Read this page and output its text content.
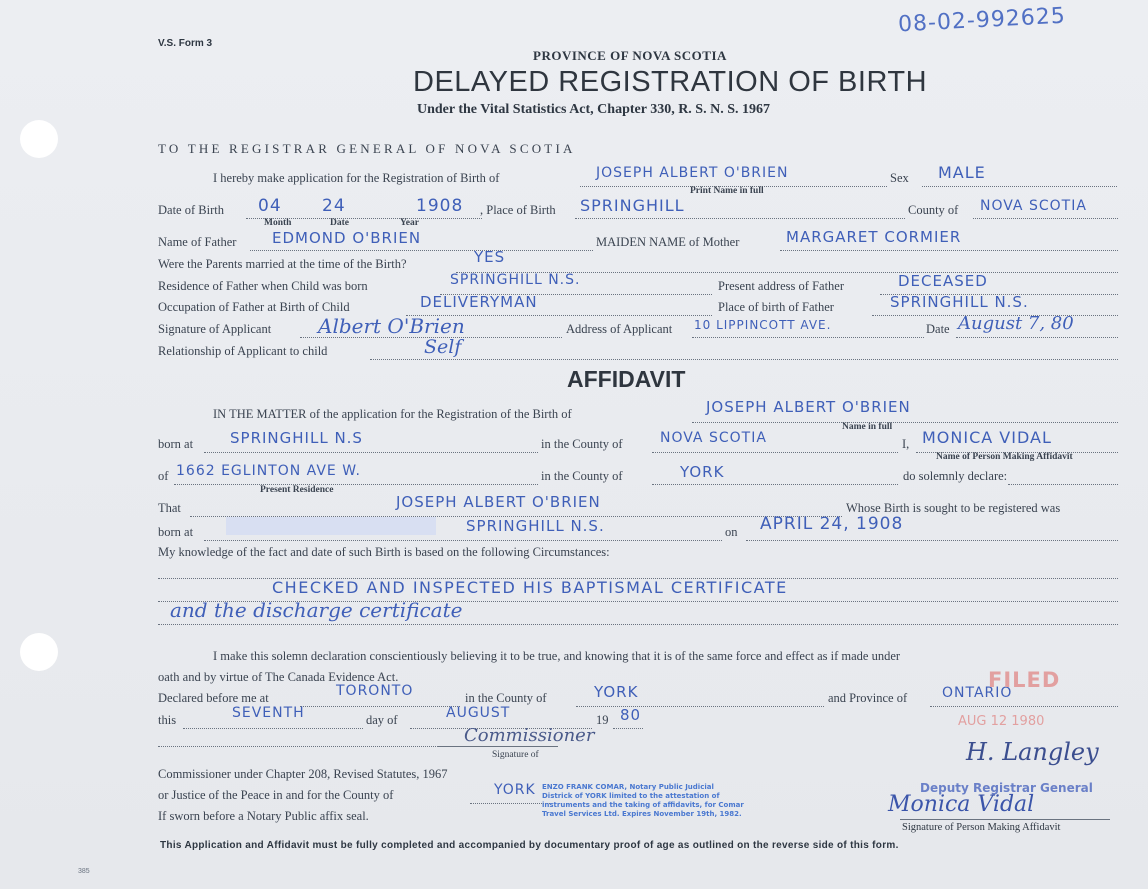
08-02-992625
V.S. Form 3
PROVINCE OF NOVA SCOTIA
DELAYED REGISTRATION OF BIRTH
Under the Vital Statistics Act, Chapter 330, R. S. N. S. 1967
TO THE REGISTRAR GENERAL OF NOVA SCOTIA
I hereby make application for the Registration of Birth of	JOSEPH ALBERT O'BRIEN
Print Name in full
Sex MALE
Date of Birth 04 24	1908
Month	Date	Year
, Place of Birth SPRINGHILL	County of NOVA SCOTIA
Name of Father EDMOND O'BRIEN	MAIDEN NAME of Mother	MARGARET CORMIER
Were the Parents married at the time of the Birth?	YES
Residence of Father when Child was born	SPRINGHILL N.S.	Present address of Father	DECEASED
Occupation of Father at Birth of Child	DELIVERYMAN	Place of birth of Father	SPRINGHILL N.S.
Signature of Applicant Albert O'Brien	Address of Applicant 10 LIPPINCOTT AVE.	Date August 7, 80
Relationship of Applicant to child	Self
AFFIDAVIT
IN THE MATTER of the application for the Registration of the Birth of	JOSEPH ALBERT O'BRIEN
Name in full
born at SPRINGHILL N.S	in the County of	NOVA SCOTIA	I, MONICA VIDAL
Name of Person Making Affidavit
of 1662 EGLINTON AVE W.
Present Residence
in the County of	YORK	do solemnly declare:
That	JOSEPH ALBERT O'BRIEN	Whose Birth is sought to be registered was
born at	SPRINGHILL N.S.	on APRIL 24, 1908
My knowledge of the fact and date of such Birth is based on the following Circumstances:
CHECKED AND INSPECTED HIS BAPTISMAL CERTIFICATE
and the discharge certificate
I make this solemn declaration conscientiously believing it to be true, and knowing that it is of the same force and effect as if made under
oath and by virtue of The Canada Evidence Act.
Declared before me at	TORONTO	in the County of	YORK	and Province of ONTARIO
FILED
this	SEVENTH	day of	AUGUST	19 80	AUG 12 1980
Commissioner
Signature of
Commissioner under Chapter 208, Revised Statutes, 1967
or Justice of the Peace in and for the County of	YORK
If sworn before a Notary Public affix seal.
ENZO FRANK COMAR, Notary Public Judicial
Districk of YORK limited to the attestation of
instruments and the taking of affidavits, for Comar
Travel Services Ltd. Expires November 19th, 1982.
H. Langley
Deputy Registrar General
Monica Vidal
Signature of Person Making Affidavit
This Application and Affidavit must be fully completed and accompanied by documentary proof of age as outlined on the reverse side of this form.
385
